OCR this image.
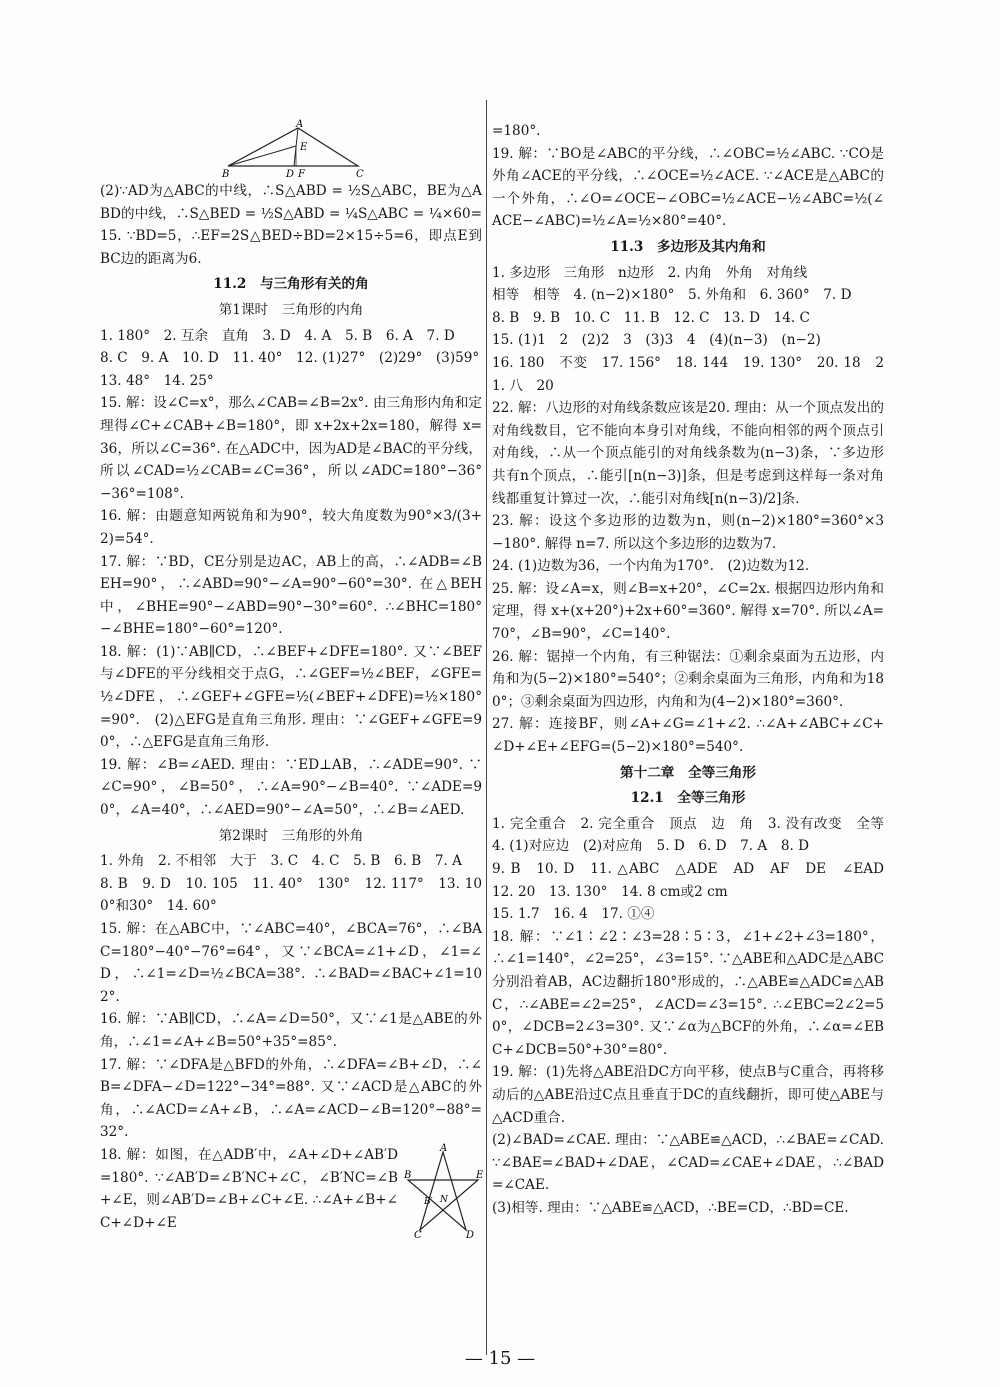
A
B
E
D F	C
(2)∵AD为△ABC的中线，∴S△ABD = ½S△ABC，BE为△ABD的中线，∴S△BED = ½S△ABD = ¼S△ABC = ¼×60=15. ∵BD=5，∴EF=2S△BED÷BD=2×15÷5=6，即点E到BC边的距离为6.
11.2　与三角形有关的角
第1课时　三角形的内角
1. 180°　2. 互余　直角　3. D　4. A　5. B　6. A　7. D
8. C　9. A　10. D　11. 40°　12. (1)27°　(2)29°　(3)59°
13. 48°　14. 25°
15. 解：设∠C=x°，那么∠CAB=∠B=2x°. 由三角形内角和定理得∠C+∠CAB+∠B=180°，即 x+2x+2x=180，解得 x=36，所以∠C=36°. 在△ADC中，因为AD是∠BAC的平分线，所以∠CAD=½∠CAB=∠C=36°，所以∠ADC=180°−36°−36°=108°.
16. 解：由题意知两锐角和为90°，较大角度数为90°×3/(3+2)=54°.
17. 解：∵BD，CE分别是边AC，AB上的高，∴∠ADB=∠BEH=90°，∴∠ABD=90°−∠A=90°−60°=30°. 在△BEH中，∠BHE=90°−∠ABD=90°−30°=60°. ∴∠BHC=180°−∠BHE=180°−60°=120°.
18. 解：(1)∵AB∥CD，∴∠BEF+∠DFE=180°. 又∵∠BEF与∠DFE的平分线相交于点G，∴∠GEF=½∠BEF，∠GFE=½∠DFE，∴∠GEF+∠GFE=½(∠BEF+∠DFE)=½×180°=90°.　(2)△EFG是直角三角形. 理由：∵∠GEF+∠GFE=90°，∴△EFG是直角三角形.
19. 解：∠B=∠AED. 理由：∵ED⊥AB，∴∠ADE=90°. ∵∠C=90°，∠B=50°，∴∠A=90°−∠B=40°. ∵∠ADE=90°，∠A=40°，∴∠AED=90°−∠A=50°，∴∠B=∠AED.
第2课时　三角形的外角
1. 外角　2. 不相邻　大于　3. C　4. C　5. B　6. B　7. A
8. B　9. D　10. 105　11. 40°　130°　12. 117°　13. 100°和30°　14. 60°
15. 解：在△ABC中，∵∠ABC=40°，∠BCA=76°，∴∠BAC=180°−40°−76°=64°，又∵∠BCA=∠1+∠D，∠1=∠D，∴∠1=∠D=½∠BCA=38°. ∴∠BAD=∠BAC+∠1=102°.
16. 解：∵AB∥CD，∴∠A=∠D=50°，又∵∠1是△ABE的外角，∴∠1=∠A+∠B=50°+35°=85°.
17. 解：∵∠DFA是△BFD的外角，∴∠DFA=∠B+∠D，∴∠B=∠DFA−∠D=122°−34°=88°. 又∵∠ACD是△ABC的外角，∴∠ACD=∠A+∠B，∴∠A=∠ACD−∠B=120°−88°=32°.
A
B	E
C	D
N
B′
18. 解：如图，在△ADB′中，∠A+∠D+∠AB′D=180°. ∵∠AB′D=∠B′NC+∠C，∠B′NC=∠B+∠E，则∠AB′D=∠B+∠C+∠E. ∴∠A+∠B+∠C+∠D+∠E
=180°.
19. 解：∵BO是∠ABC的平分线，∴∠OBC=½∠ABC. ∵CO是外角∠ACE的平分线，∴∠OCE=½∠ACE. ∵∠ACE是△ABC的一个外角，∴∠O=∠OCE−∠OBC=½∠ACE−½∠ABC=½(∠ACE−∠ABC)=½∠A=½×80°=40°.
11.3　多边形及其内角和
1. 多边形　三角形　n边形　2. 内角　外角　对角线
相等　相等　4. (n−2)×180°　5. 外角和　6. 360°　7. D
8. B　9. B　10. C　11. B　12. C　13. D　14. C
15. (1)1　2　(2)2　3　(3)3　4　(4)(n−3)　(n−2)
16. 180　不变　17. 156°　18. 144　19. 130°　20. 18　21. 八　20
22. 解：八边形的对角线条数应该是20. 理由：从一个顶点发出的对角线数目，它不能向本身引对角线，不能向相邻的两个顶点引对角线，∴从一个顶点能引的对角线条数为(n−3)条，∵多边形共有n个顶点，∴能引[n(n−3)]条，但是考虑到这样每一条对角线都重复计算过一次，∴能引对角线[n(n−3)/2]条.
23. 解：设这个多边形的边数为n，则(n−2)×180°=360°×3−180°. 解得 n=7. 所以这个多边形的边数为7.
24. (1)边数为36，一个内角为170°.　(2)边数为12.
25. 解：设∠A=x，则∠B=x+20°，∠C=2x. 根据四边形内角和定理，得 x+(x+20°)+2x+60°=360°. 解得 x=70°. 所以∠A=70°，∠B=90°，∠C=140°.
26. 解：锯掉一个内角，有三种锯法：①剩余桌面为五边形，内角和为(5−2)×180°=540°；②剩余桌面为三角形，内角和为180°；③剩余桌面为四边形，内角和为(4−2)×180°=360°.
27. 解：连接BF，则∠A+∠G=∠1+∠2. ∴∠A+∠ABC+∠C+∠D+∠E+∠EFG=(5−2)×180°=540°.
第十二章　全等三角形
12.1　全等三角形
1. 完全重合　2. 完全重合　顶点　边　角　3. 没有改变　全等　4. (1)对应边　(2)对应角　5. D　6. D　7. A　8. D
9. B　10. D　11. △ABC　△ADE　AD　AF　DE　∠EAD　12. 20　13. 130°　14. 8 cm或2 cm
15. 1.7　16. 4　17. ①④
18. 解：∵∠1∶∠2∶∠3=28∶5∶3，∠1+∠2+∠3=180°，∴∠1=140°，∠2=25°，∠3=15°. ∵△ABE和△ADC是△ABC分别沿着AB，AC边翻折180°形成的，∴△ABE≌△ADC≌△ABC，∴∠ABE=∠2=25°，∠ACD=∠3=15°. ∴∠EBC=2∠2=50°，∠DCB=2∠3=30°. 又∵∠α为△BCF的外角，∴∠α=∠EBC+∠DCB=50°+30°=80°.
19. 解：(1)先将△ABE沿DC方向平移，使点B与C重合，再将移动后的△ABE沿过C点且垂直于DC的直线翻折，即可使△ABE与△ACD重合.
(2)∠BAD=∠CAE. 理由：∵△ABE≌△ACD，∴∠BAE=∠CAD. ∵∠BAE=∠BAD+∠DAE，∠CAD=∠CAE+∠DAE，∴∠BAD=∠CAE.
(3)相等. 理由：∵△ABE≌△ACD，∴BE=CD，∴BD=CE.
— 15 —
